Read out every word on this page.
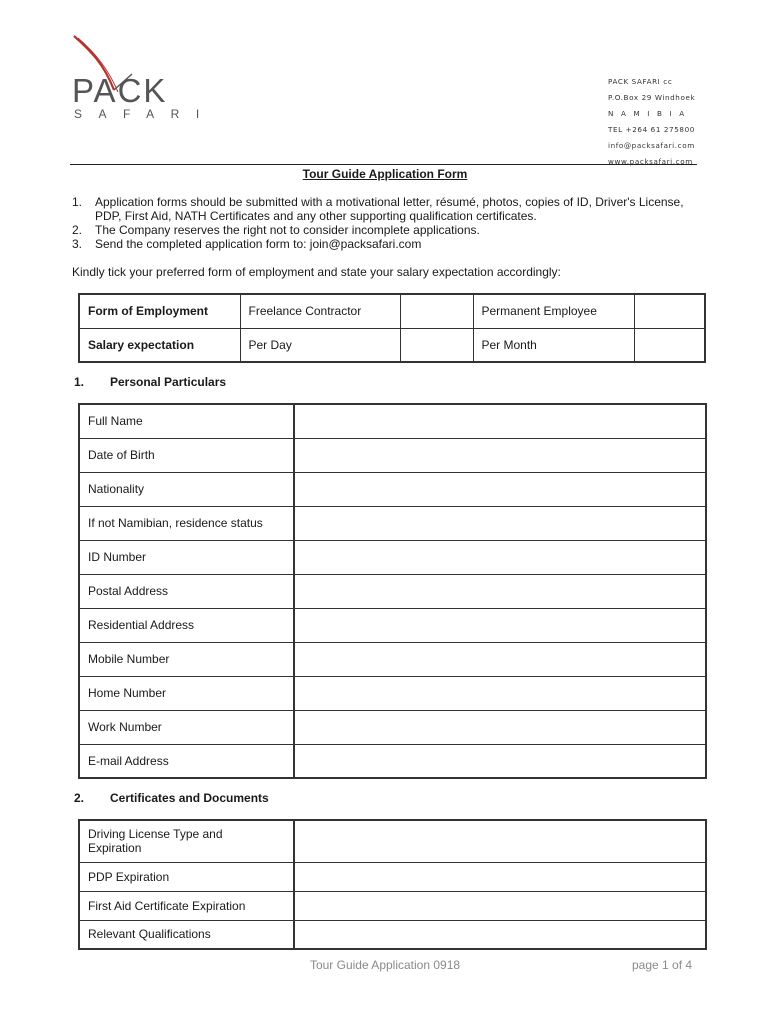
PACK
SAFARI
PACK SAFARI cc
P.O.Box 29 Windhoek
NAMIBIA
TEL +264 61 275800
info@packsafari.com
www.packsafari.com
Tour Guide Application Form
1. Application forms should be submitted with a motivational letter, résumé, photos, copies of ID, Driver's License, PDP, First Aid, NATH Certificates and any other supporting qualification certificates.
2. The Company reserves the right not to consider incomplete applications.
3. Send the completed application form to: join@packsafari.com
Kindly tick your preferred form of employment and state your salary expectation accordingly:
Form of Employment	Freelance Contractor		Permanent Employee	
Salary expectation	Per Day		Per Month	
1. Personal Particulars
Full Name	
Date of Birth	
Nationality	
If not Namibian, residence status	
ID Number	
Postal Address	
Residential Address	
Mobile Number	
Home Number	
Work Number	
E-mail Address	
2. Certificates and Documents
Driving License Type and Expiration	
PDP Expiration	
First Aid Certificate Expiration	
Relevant Qualifications	
Tour Guide Application 0918	page 1 of 4
